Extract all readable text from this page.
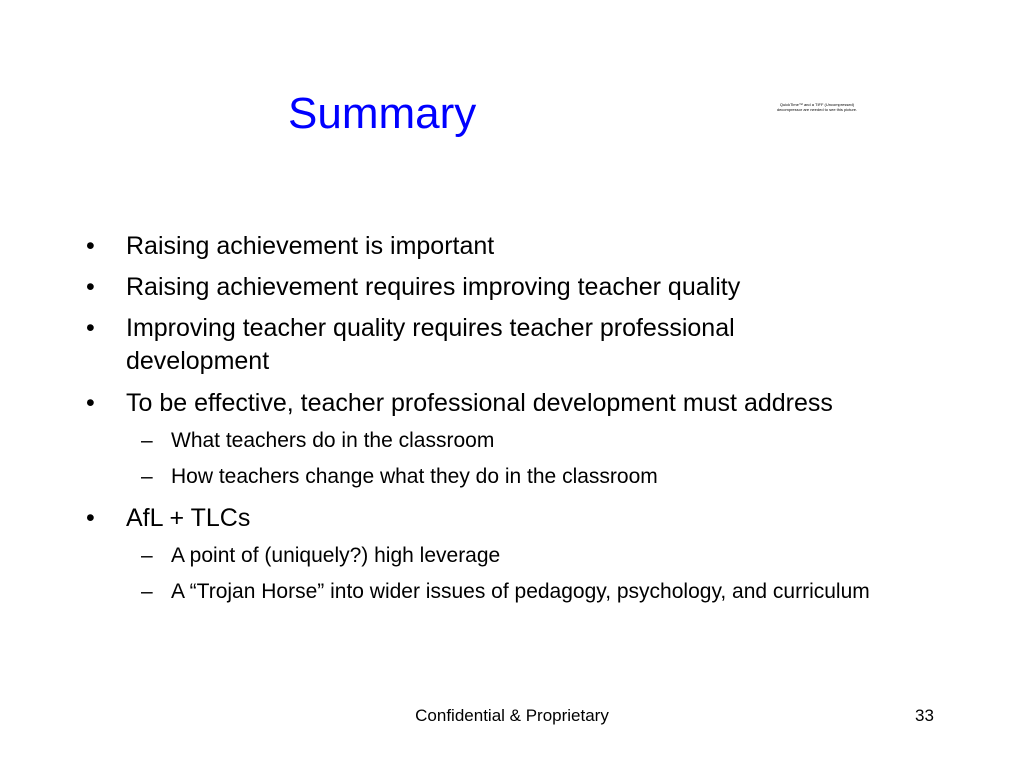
Summary	QuickTime™ and a TIFF (Uncompressed) decompressor are needed to see this picture.
• Raising achievement is important
• Raising achievement requires improving teacher quality
• Improving teacher quality requires teacher professional development
• To be effective, teacher professional development must address
– What teachers do in the classroom
– How teachers change what they do in the classroom
• AfL + TLCs
– A point of (uniquely?) high leverage
– A “Trojan Horse” into wider issues of pedagogy, psychology, and curriculum
Confidential & Proprietary	33
